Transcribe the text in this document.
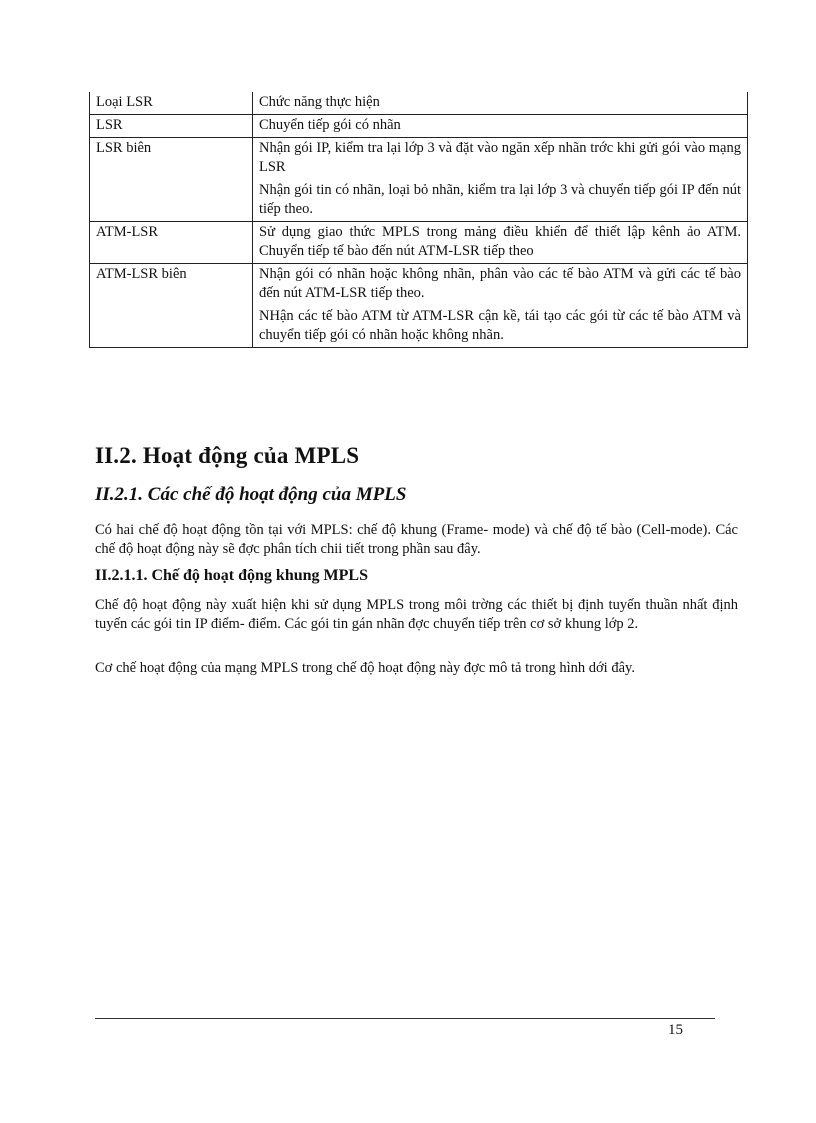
Loại LSR	Chức năng thực hiện
LSR	Chuyển tiếp gói có nhãn

LSR biên	Nhận gói IP, kiểm tra lại lớp 3 và đặt vào ngăn xếp nhãn trớc khi gửi gói vào mạng LSR

Nhận gói tin có nhãn, loại bỏ nhãn, kiểm tra lại lớp 3 và chuyển tiếp gói IP đến nút tiếp theo.

ATM-LSR	Sử dụng giao thức MPLS trong mảng điều khiển để thiết lập kênh ảo ATM. Chuyển tiếp tế bào đến nút ATM-LSR tiếp theo

ATM-LSR biên	Nhận gói có nhãn hoặc không nhãn, phân vào các tế bào ATM và gửi các tế bào đến nút ATM-LSR tiếp theo.

NHận các tế bào ATM từ ATM-LSR cận kề, tái tạo các gói từ các tế bào ATM và chuyển tiếp gói có nhãn hoặc không nhãn.

II.2. Hoạt động của MPLS
II.2.1. Các chế độ hoạt động của MPLS

Có hai chế độ hoạt động tồn tại với MPLS: chế độ khung (Frame- mode) và chế độ tế bào (Cell-mode). Các chế độ hoạt động này sẽ đợc phân tích chii tiết trong phần sau đây.

II.2.1.1. Chế độ hoạt động khung MPLS

Chế độ hoạt động này xuất hiện khi sử dụng MPLS trong môi trờng các thiết bị định tuyến thuần nhất định tuyến các gói tin IP điểm- điểm. Các gói tin gán nhãn đợc chuyển tiếp trên cơ sở khung lớp 2.

Cơ chế hoạt động của mạng MPLS trong chế độ hoạt động này đợc mô tả trong hình dới đây.

15
